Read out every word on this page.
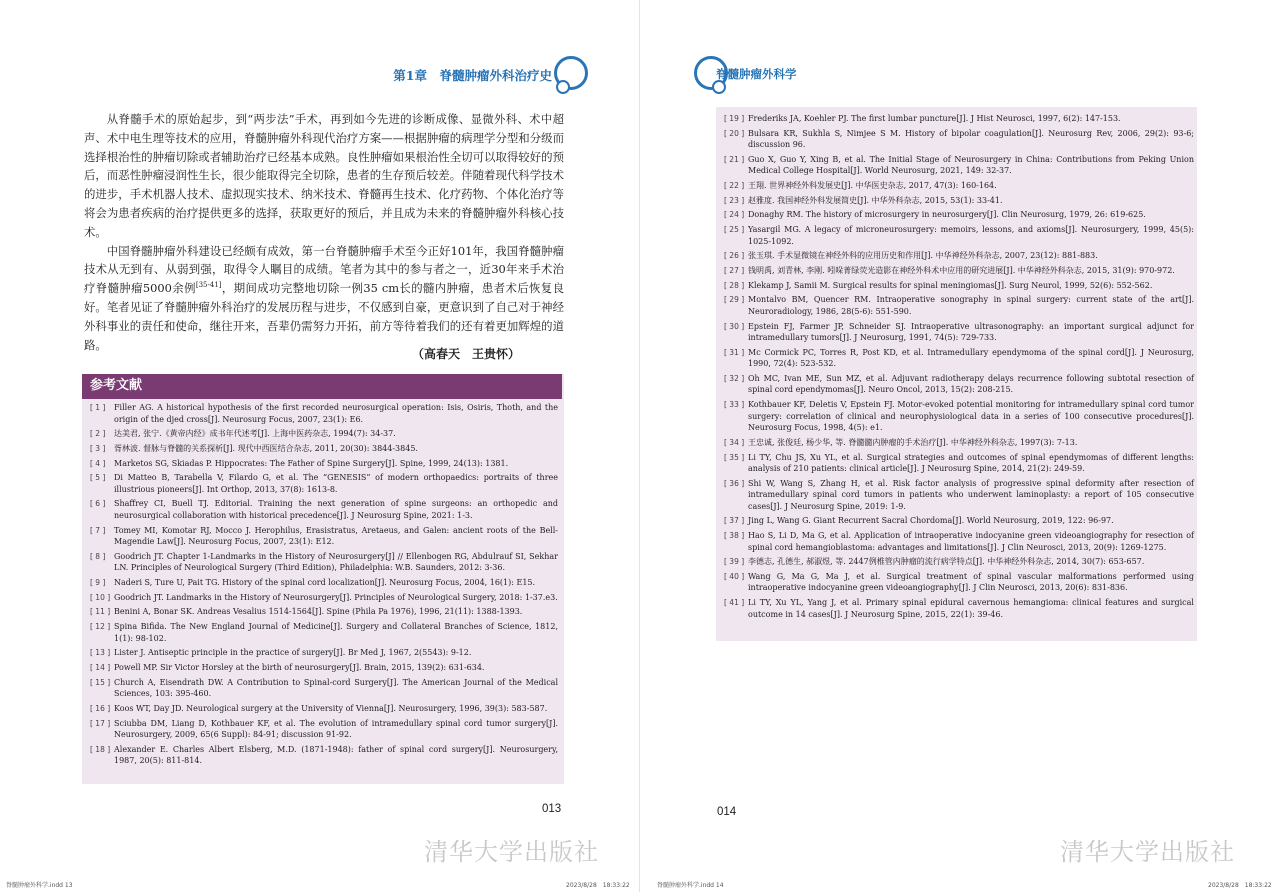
第1章　脊髓肿瘤外科治疗史

从脊髓手术的原始起步，到“两步法”手术，再到如今先进的诊断成像、显微外科、术中超声、术中电生理等技术的应用，脊髓肿瘤外科现代治疗方案——根据肿瘤的病理学分型和分级而选择根治性的肿瘤切除或者辅助治疗已经基本成熟。良性肿瘤如果根治性全切可以取得较好的预后，而恶性肿瘤浸润性生长，很少能取得完全切除，患者的生存预后较差。伴随着现代科学技术的进步，手术机器人技术、虚拟现实技术、纳米技术、脊髓再生技术、化疗药物、个体化治疗等将会为患者疾病的治疗提供更多的选择，获取更好的预后，并且成为未来的脊髓肿瘤外科核心技术。

中国脊髓肿瘤外科建设已经颇有成效，第一台脊髓肿瘤手术至今正好101年，我国脊髓肿瘤技术从无到有、从弱到强，取得令人瞩目的成绩。笔者为其中的参与者之一，近30年来手术治疗脊髓肿瘤5000余例[35-41]，期间成功完整地切除一例35 cm长的髓内肿瘤，患者术后恢复良好。笔者见证了脊髓肿瘤外科治疗的发展历程与进步，不仅感到自豪，更意识到了自己对于神经外科事业的责任和使命，继往开来，吾辈仍需努力开拓，前方等待着我们的还有着更加辉煌的道路。

（高春天　王贵怀）
参考文献
[ 1 ]	Filler AG. A historical hypothesis of the first recorded neurosurgical operation: Isis, Osiris, Thoth, and the origin of the djed cross[J]. Neurosurg Focus, 2007, 23(1): E6.
[ 2 ]	达美君, 张宁.《黄帝内经》成书年代述考[J]. 上海中医药杂志, 1994(7): 34-37.
[ 3 ]	胥林波. 督脉与脊髓的关系探析[J]. 现代中西医结合杂志, 2011, 20(30): 3844-3845.
[ 4 ]	Marketos SG, Skiadas P. Hippocrates: The Father of Spine Surgery[J]. Spine, 1999, 24(13): 1381.
[ 5 ]	Di Matteo B, Tarabella V, Filardo G, et al. The “GENESIS” of modern orthopaedics: portraits of three illustrious pioneers[J]. Int Orthop, 2013, 37(8): 1613-8.
[ 6 ]	Shaffrey CI, Buell TJ. Editorial. Training the next generation of spine surgeons: an orthopedic and neurosurgical collaboration with historical precedence[J]. J Neurosurg Spine, 2021: 1-3.
[ 7 ]	Tomey MI, Komotar RJ, Mocco J. Herophilus, Erasistratus, Aretaeus, and Galen: ancient roots of the Bell-Magendie Law[J]. Neurosurg Focus, 2007, 23(1): E12.
[ 8 ]	Goodrich JT. Chapter 1-Landmarks in the History of Neurosurgery[J] // Ellenbogen RG, Abdulrauf SI, Sekhar LN. Principles of Neurological Surgery (Third Edition), Philadelphia: W.B. Saunders, 2012: 3-36.
[ 9 ]	Naderi S, Ture U, Pait TG. History of the spinal cord localization[J]. Neurosurg Focus, 2004, 16(1): E15.
[ 10 ] Goodrich JT. Landmarks in the History of Neurosurgery[J]. Principles of Neurological Surgery, 2018: 1-37.e3.
[ 11 ] Benini A, Bonar SK. Andreas Vesalius 1514-1564[J]. Spine (Phila Pa 1976), 1996, 21(11): 1388-1393.
[ 12 ] Spina Bifida. The New England Journal of Medicine[J]. Surgery and Collateral Branches of Science, 1812, 1(1): 98-102.
[ 13 ] Lister J. Antiseptic principle in the practice of surgery[J]. Br Med J, 1967, 2(5543): 9-12.
[ 14 ] Powell MP. Sir Victor Horsley at the birth of neurosurgery[J]. Brain, 2015, 139(2): 631-634.
[ 15 ] Church A, Eisendrath DW. A Contribution to Spinal-cord Surgery[J]. The American Journal of the Medical Sciences, 103: 395-460.
[ 16 ] Koos WT, Day JD. Neurological surgery at the University of Vienna[J]. Neurosurgery, 1996, 39(3): 583-587.
[ 17 ] Sciubba DM, Liang D, Kothbauer KF, et al. The evolution of intramedullary spinal cord tumor surgery[J]. Neurosurgery, 2009, 65(6 Suppl): 84-91; discussion 91-92.
[ 18 ] Alexander E. Charles Albert Elsberg, M.D. (1871-1948): father of spinal cord surgery[J]. Neurosurgery, 1987, 20(5): 811-814.
013
清华大学出版社
脊髓肿瘤外科学.indd 13	2023/8/28　18:33:22
脊髓肿瘤外科学
[ 19 ] Frederiks JA, Koehler PJ. The first lumbar puncture[J]. J Hist Neurosci, 1997, 6(2): 147-153.
[ 20 ] Bulsara KR, Sukhla S, Nimjee S M. History of bipolar coagulation[J]. Neurosurg Rev, 2006, 29(2): 93-6; discussion 96.
[ 21 ] Guo X, Guo Y, Xing B, et al. The Initial Stage of Neurosurgery in China: Contributions from Peking Union Medical College Hospital[J]. World Neurosurg, 2021, 149: 32-37.
[ 22 ] 王翔. 世界神经外科发展史[J]. 中华医史杂志, 2017, 47(3): 160-164.
[ 23 ] 赵雅度. 我国神经外科发展简史[J]. 中华外科杂志, 2015, 53(1): 33-41.
[ 24 ] Donaghy RM. The history of microsurgery in neurosurgery[J]. Clin Neurosurg, 1979, 26: 619-625.
[ 25 ] Yasargil MG. A legacy of microneurosurgery: memoirs, lessons, and axioms[J]. Neurosurgery, 1999, 45(5): 1025-1092.
[ 26 ] 张玉琪. 手术显微镜在神经外科的应用历史和作用[J]. 中华神经外科杂志, 2007, 23(12): 881-883.
[ 27 ] 钱明禹, 刘青林, 李刚. 吲哚菁绿荧光造影在神经外科术中应用的研究进展[J]. 中华神经外科杂志, 2015, 31(9): 970-972.
[ 28 ] Klekamp J, Samii M. Surgical results for spinal meningiomas[J]. Surg Neurol, 1999, 52(6): 552-562.
[ 29 ] Montalvo BM, Quencer RM. Intraoperative sonography in spinal surgery: current state of the art[J]. Neuroradiology, 1986, 28(5-6): 551-590.
[ 30 ] Epstein FJ, Farmer JP, Schneider SJ. Intraoperative ultrasonography: an important surgical adjunct for intramedullary tumors[J]. J Neurosurg, 1991, 74(5): 729-733.
[ 31 ] Mc Cormick PC, Torres R, Post KD, et al. Intramedullary ependymoma of the spinal cord[J]. J Neurosurg, 1990, 72(4): 523-532.
[ 32 ] Oh MC, Ivan ME, Sun MZ, et al. Adjuvant radiotherapy delays recurrence following subtotal resection of spinal cord ependymomas[J]. Neuro Oncol, 2013, 15(2): 208-215.
[ 33 ] Kothbauer KF, Deletis V, Epstein FJ. Motor-evoked potential monitoring for intramedullary spinal cord tumor surgery: correlation of clinical and neurophysiological data in a series of 100 consecutive procedures[J]. Neurosurg Focus, 1998, 4(5): e1.
[ 34 ] 王忠诚, 张俊廷, 杨少华, 等. 脊髓髓内肿瘤的手术治疗[J]. 中华神经外科杂志, 1997(3): 7-13.
[ 35 ] Li TY, Chu JS, Xu YL, et al. Surgical strategies and outcomes of spinal ependymomas of different lengths: analysis of 210 patients: clinical article[J]. J Neurosurg Spine, 2014, 21(2): 249-59.
[ 36 ] Shi W, Wang S, Zhang H, et al. Risk factor analysis of progressive spinal deformity after resection of intramedullary spinal cord tumors in patients who underwent laminoplasty: a report of 105 consecutive cases[J]. J Neurosurg Spine, 2019: 1-9.
[ 37 ] Jing L, Wang G. Giant Recurrent Sacral Chordoma[J]. World Neurosurg, 2019, 122: 96-97.
[ 38 ] Hao S, Li D, Ma G, et al. Application of intraoperative indocyanine green videoangiography for resection of spinal cord hemangioblastoma: advantages and limitations[J]. J Clin Neurosci, 2013, 20(9): 1269-1275.
[ 39 ] 李德志, 孔德生, 郝淑煜, 等. 2447例椎管内肿瘤的流行病学特点[J]. 中华神经外科杂志, 2014, 30(7): 653-657.
[ 40 ] Wang G, Ma G, Ma J, et al. Surgical treatment of spinal vascular malformations performed using intraoperative indocyanine green videoangiography[J]. J Clin Neurosci, 2013, 20(6): 831-836.
[ 41 ] Li TY, Xu YL, Yang J, et al. Primary spinal epidural cavernous hemangioma: clinical features and surgical outcome in 14 cases[J]. J Neurosurg Spine, 2015, 22(1): 39-46.
014
清华大学出版社
脊髓肿瘤外科学.indd 14	2023/8/28　18:33:22
